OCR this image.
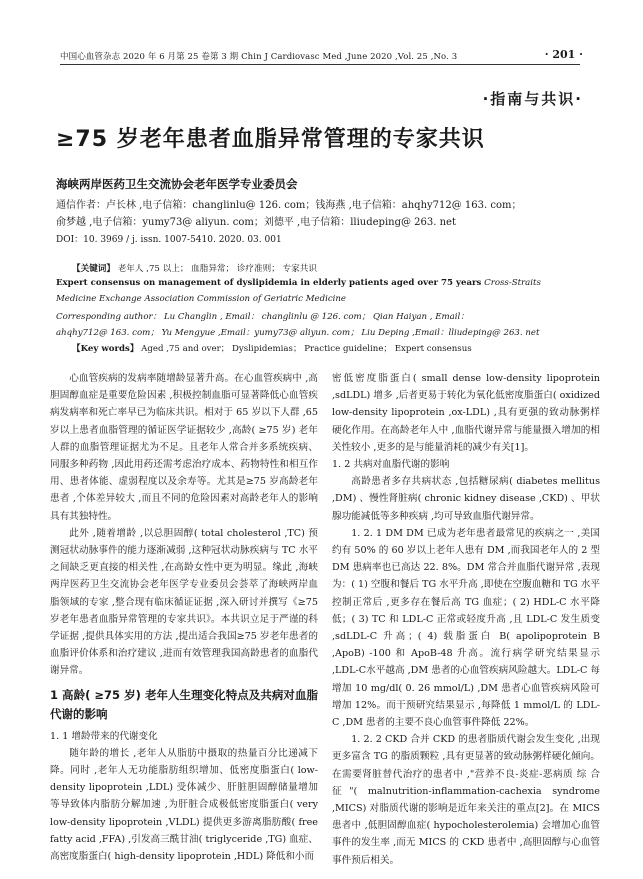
中国心血管杂志 2020 年 6 月第 25 卷第 3 期 Chin J Cardiovasc Med ,June 2020 ,Vol. 25 ,No. 3	· 201 ·
·指南与共识·
≥75 岁老年患者血脂异常管理的专家共识
海峡两岸医药卫生交流协会老年医学专业委员会
通信作者：卢长林 ,电子信箱：changlinlu@ 126. com；钱海燕 ,电子信箱：ahqhy712@ 163. com；
俞梦越 ,电子信箱：yumy73@ aliyun. com；刘德平 ,电子信箱：lliudeping@ 263. net
DOI：10. 3969 / j. issn. 1007-5410. 2020. 03. 001
【关键词】 老年人 ,75 以上； 血脂异常； 诊疗准则； 专家共识
Expert consensus on management of dyslipidemia in elderly patients aged over 75 years Cross-Straits
Medicine Exchange Association Commission of Geriatric Medicine
Corresponding author： Lu Changlin , Email： changlinlu @ 126. com； Qian Haiyan , Email：
ahqhy712@ 163. com； Yu Mengyue ,Email：yumy73@ aliyun. com； Liu Deping ,Email：lliudeping@ 263. net
【Key words】 Aged ,75 and over； Dyslipidemias； Practice guideline； Expert consensus

心血管疾病的发病率随增龄显著升高。在心血管疾病中 ,高胆固醇血症是重要危险因素 ,积极控制血脂可显著降低心血管疾病发病率和死亡率早已为临床共识。相对于 65 岁以下人群 ,65 岁以上患者血脂管理的循证医学证据较少 ,高龄( ≥75 岁) 老年人群的血脂管理证据尤为不足。且老年人常合并多系统疾病、同服多种药物 ,因此用药还需考虑治疗成本、药物特性和相互作用、患者体能、虚弱程度以及余寿等。尤其是≥75 岁高龄老年患者 ,个体差异较大 ,而且不同的危险因素对高龄老年人的影响具有其独特性。

此外 ,随着增龄 ,以总胆固醇( total cholesterol ,TC) 预测冠状动脉事件的能力逐渐减弱 ,这种冠状动脉疾病与 TC 水平之间缺乏更直接的相关性 ,在高龄女性中更为明显。缘此 ,海峡两岸医药卫生交流协会老年医学专业委员会荟萃了海峡两岸血脂领域的专家 ,整合现有临床循证证据 ,深入研讨并撰写《≥75 岁老年患者血脂异常管理的专家共识》。本共识立足于严谨的科学证据 ,提供具体实用的方法 ,提出适合我国≥75 岁老年患者的血脂评价体系和治疗建议 ,进而有效管理我国高龄患者的血脂代谢异常。

1 高龄( ≥75 岁) 老年人生理变化特点及共病对血脂代谢的影响

1. 1 增龄带来的代谢变化

随年龄的增长 ,老年人从脂肪中摄取的热量百分比递减下降。同时 ,老年人无功能脂肪组织增加、低密度脂蛋白( low-density lipoprotein ,LDL) 受体减少、肝脏胆固醇储量增加等导致体内脂肪分解加速 ,为肝脏合成极低密度脂蛋白( very low-density lipoprotein ,VLDL) 提供更多游离脂肪酸( free fatty acid ,FFA) ,引发高三酰甘油( triglyceride ,TG) 血症、高密度脂蛋白( high-density lipoprotein ,HDL) 降低和小而

密低密度脂蛋白( small dense low-density lipoprotein ,sdLDL) 增多 ,后者更易于转化为氧化低密度脂蛋白( oxidized low-density lipoprotein ,ox-LDL) ,具有更强的致动脉粥样硬化作用。在高龄老年人中 ,血脂代谢异常与能量摄入增加的相关性较小 ,更多的是与能量消耗的减少有关[1]。

1. 2 共病对血脂代谢的影响

高龄患者多存共病状态 ,包括糖尿病( diabetes mellitus ,DM) 、慢性肾脏病( chronic kidney disease ,CKD) 、甲状腺功能减低等多种疾病 ,均可导致血脂代谢异常。

1. 2. 1 DM DM 已成为老年患者最常见的疾病之一 ,美国约有 50% 的 60 岁以上老年人患有 DM ,而我国老年人的 2 型 DM 患病率也已高达 22. 8%。DM 常合并血脂代谢异常 ,表现为：( 1) 空腹和餐后 TG 水平升高 ,即使在空腹血糖和 TG 水平控制正常后 ,更多存在餐后高 TG 血症；( 2) HDL-C 水平降低；( 3) TC 和 LDL-C 正常或轻度升高 ,且 LDL-C 发生质变 ,sdLDL-C 升高；( 4) 载脂蛋白 B( apolipoprotein B ,ApoB) -100 和 ApoB-48 升高。流行病学研究结果显示 ,LDL-C水平越高 ,DM 患者的心血管疾病风险越大。LDL-C 每增加 10 mg/dl( 0. 26 mmol/L) ,DM 患者心血管疾病风险可增加 12%。而干预研究结果显示 ,每降低 1 mmol/L 的 LDL-C ,DM 患者的主要不良心血管事件降低 22%。

1. 2. 2 CKD 合并 CKD 的患者脂质代谢会发生变化 ,出现更多富含 TG 的脂质颗粒 ,具有更显著的致动脉粥样硬化倾向。在需要肾脏替代治疗的患者中 ,"营养不良-炎症-恶病质 综 合 征"( malnutrition-inflammation-cachexia syndrome ,MICS) 对脂质代谢的影响是近年来关注的重点[2]。在 MICS 患者中 ,低胆固醇血症( hypocholesterolemia) 会增加心血管事件的发生率 ,而无 MICS 的 CKD 患者中 ,高胆固醇与心血管事件预后相关。
